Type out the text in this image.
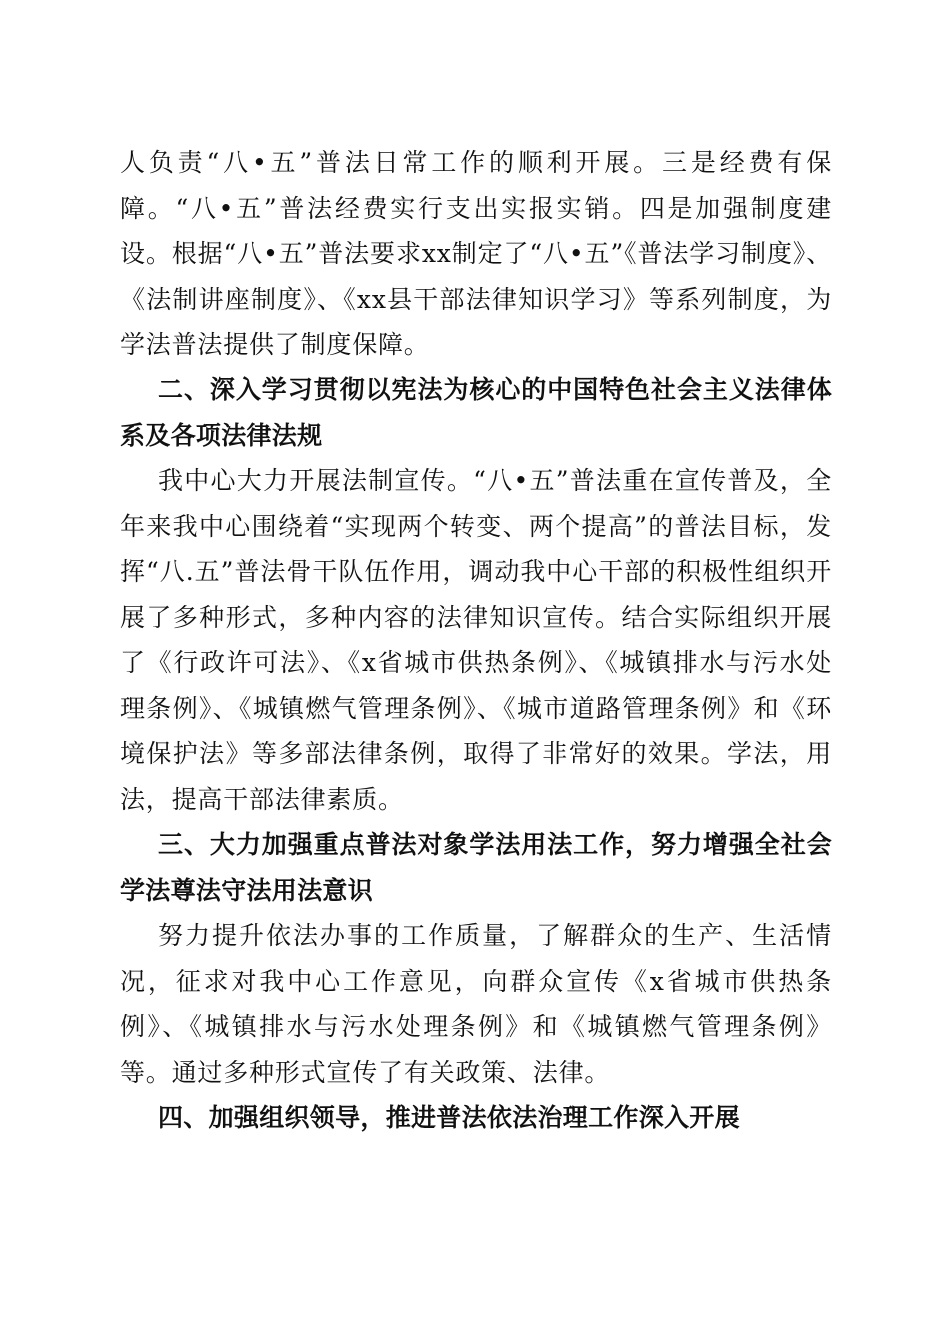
人负责“八•五”普法日常工作的顺利开展。三是经费有保障。“八•五”普法经费实行支出实报实销。四是加强制度建设。根据“八•五”普法要求xx制定了“八•五”《普法学习制度》、《法制讲座制度》、《xx县干部法律知识学习》等系列制度，为学法普法提供了制度保障。

二、深入学习贯彻以宪法为核心的中国特色社会主义法律体系及各项法律法规

我中心大力开展法制宣传。“八•五”普法重在宣传普及，全年来我中心围绕着“实现两个转变、两个提高”的普法目标，发挥“八.五”普法骨干队伍作用，调动我中心干部的积极性组织开展了多种形式，多种内容的法律知识宣传。结合实际组织开展了《行政许可法》、《x省城市供热条例》、《城镇排水与污水处理条例》、《城镇燃气管理条例》、《城市道路管理条例》和《环境保护法》等多部法律条例，取得了非常好的效果。学法，用法，提高干部法律素质。

三、大力加强重点普法对象学法用法工作，努力增强全社会学法尊法守法用法意识

努力提升依法办事的工作质量，了解群众的生产、生活情况，征求对我中心工作意见，向群众宣传《x省城市供热条例》、《城镇排水与污水处理条例》和《城镇燃气管理条例》等。通过多种形式宣传了有关政策、法律。

四、加强组织领导，推进普法依法治理工作深入开展
